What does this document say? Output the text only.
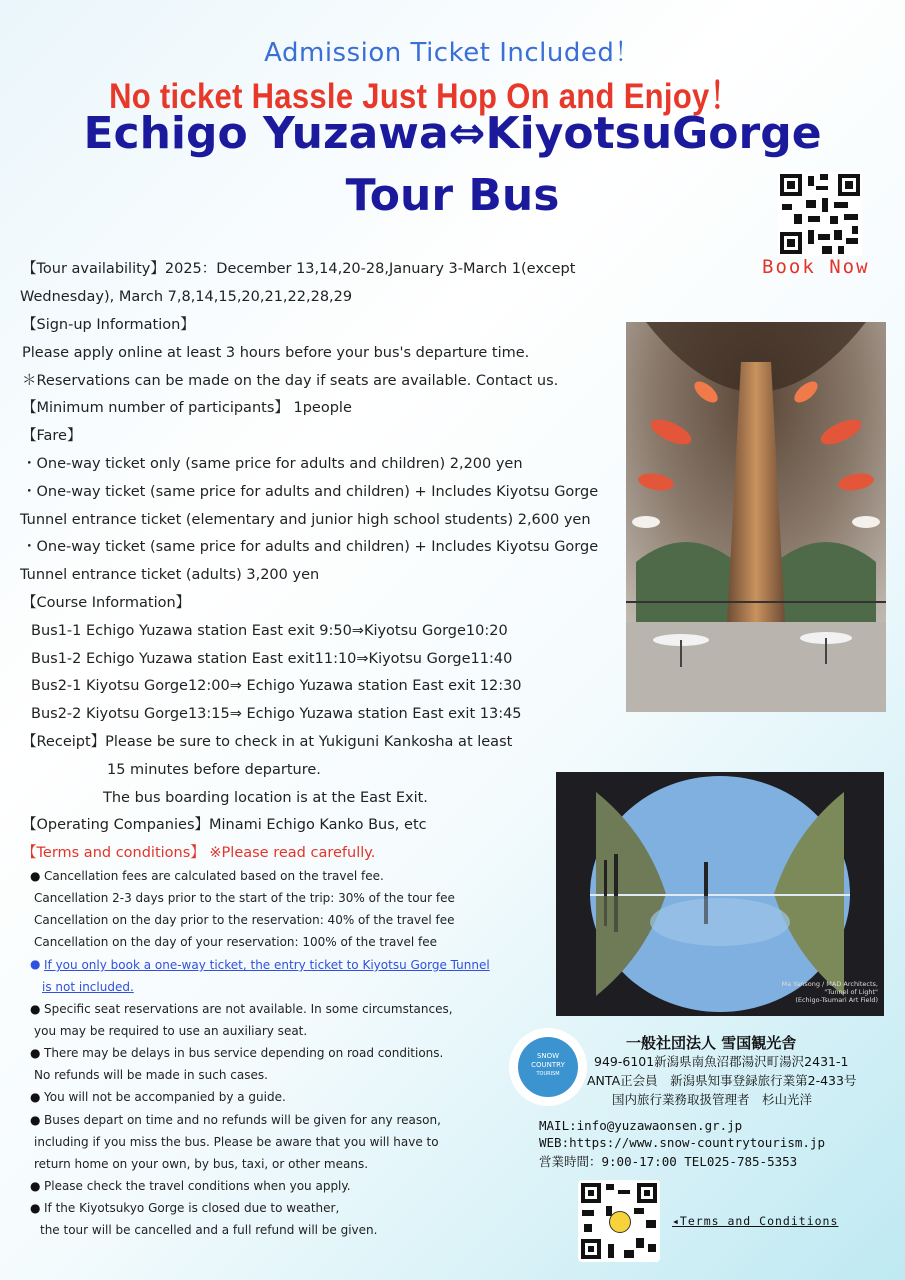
Admission Ticket Included！
No ticket Hassle Just Hop On and Enjoy！
Echigo Yuzawa⇔KiyotsuGorge
Tour Bus
Book Now
【Tour availability】2025：December 13,14,20-28,January 3-March 1(except
Wednesday), March 7,8,14,15,20,21,22,28,29
【Sign-up Information】
Please apply online at least 3 hours before your bus's departure time.
＊Reservations can be made on the day if seats are available. Contact us.
【Minimum number of participants】 1people
【Fare】
・One-way ticket only (same price for adults and children) 2,200 yen
・One-way ticket (same price for adults and children) + Includes Kiyotsu Gorge
Tunnel entrance ticket (elementary and junior high school students) 2,600 yen
・One-way ticket (same price for adults and children) + Includes Kiyotsu Gorge
Tunnel entrance ticket (adults) 3,200 yen
【Course Information】
Bus1-1 Echigo Yuzawa station East exit 9:50⇒Kiyotsu Gorge10:20
Bus1-2 Echigo Yuzawa station East exit11:10⇒Kiyotsu Gorge11:40
Bus2-1 Kiyotsu Gorge12:00⇒ Echigo Yuzawa station East exit 12:30
Bus2-2 Kiyotsu Gorge13:15⇒ Echigo Yuzawa station East exit 13:45
【Receipt】Please be sure to check in at Yukiguni Kankosha at least
15 minutes before departure.
The bus boarding location is at the East Exit.
【Operating Companies】Minami Echigo Kanko Bus, etc
【Terms and conditions】 ※Please read carefully.
● Cancellation fees are calculated based on the travel fee.
Cancellation 2-3 days prior to the start of the trip: 30% of the tour fee
Cancellation on the day prior to the reservation: 40% of the travel fee
Cancellation on the day of your reservation: 100% of the travel fee
● If you only book a one-way ticket, the entry ticket to Kiyotsu Gorge Tunnel
is not included.
● Specific seat reservations are not available. In some circumstances,
you may be required to use an auxiliary seat.
● There may be delays in bus service depending on road conditions.
No refunds will be made in such cases.
● You will not be accompanied by a guide.
● Buses depart on time and no refunds will be given for any reason,
including if you miss the bus. Please be aware that you will have to
return home on your own, by bus, taxi, or other means.
● Please check the travel conditions when you apply.
● If the Kiyotsukyo Gorge is closed due to weather,
the tour will be cancelled and a full refund will be given.
Ma Yansong / MAD Architects,
"Tunnel of Light"
(Echigo-Tsumari Art Field)
SNOW
COUNTRY
TOURISM
一般社団法人 雪国観光舎
949-6101新潟県南魚沼郡湯沢町湯沢2431-1
ANTA正会員　新潟県知事登録旅行業第2-433号
国内旅行業務取扱管理者　杉山光洋
MAIL:info@yuzawaonsen.gr.jp
WEB:https://www.snow-countrytourism.jp
営業時間：9:00-17:00 TEL025-785-5353
◂Terms and Conditions
